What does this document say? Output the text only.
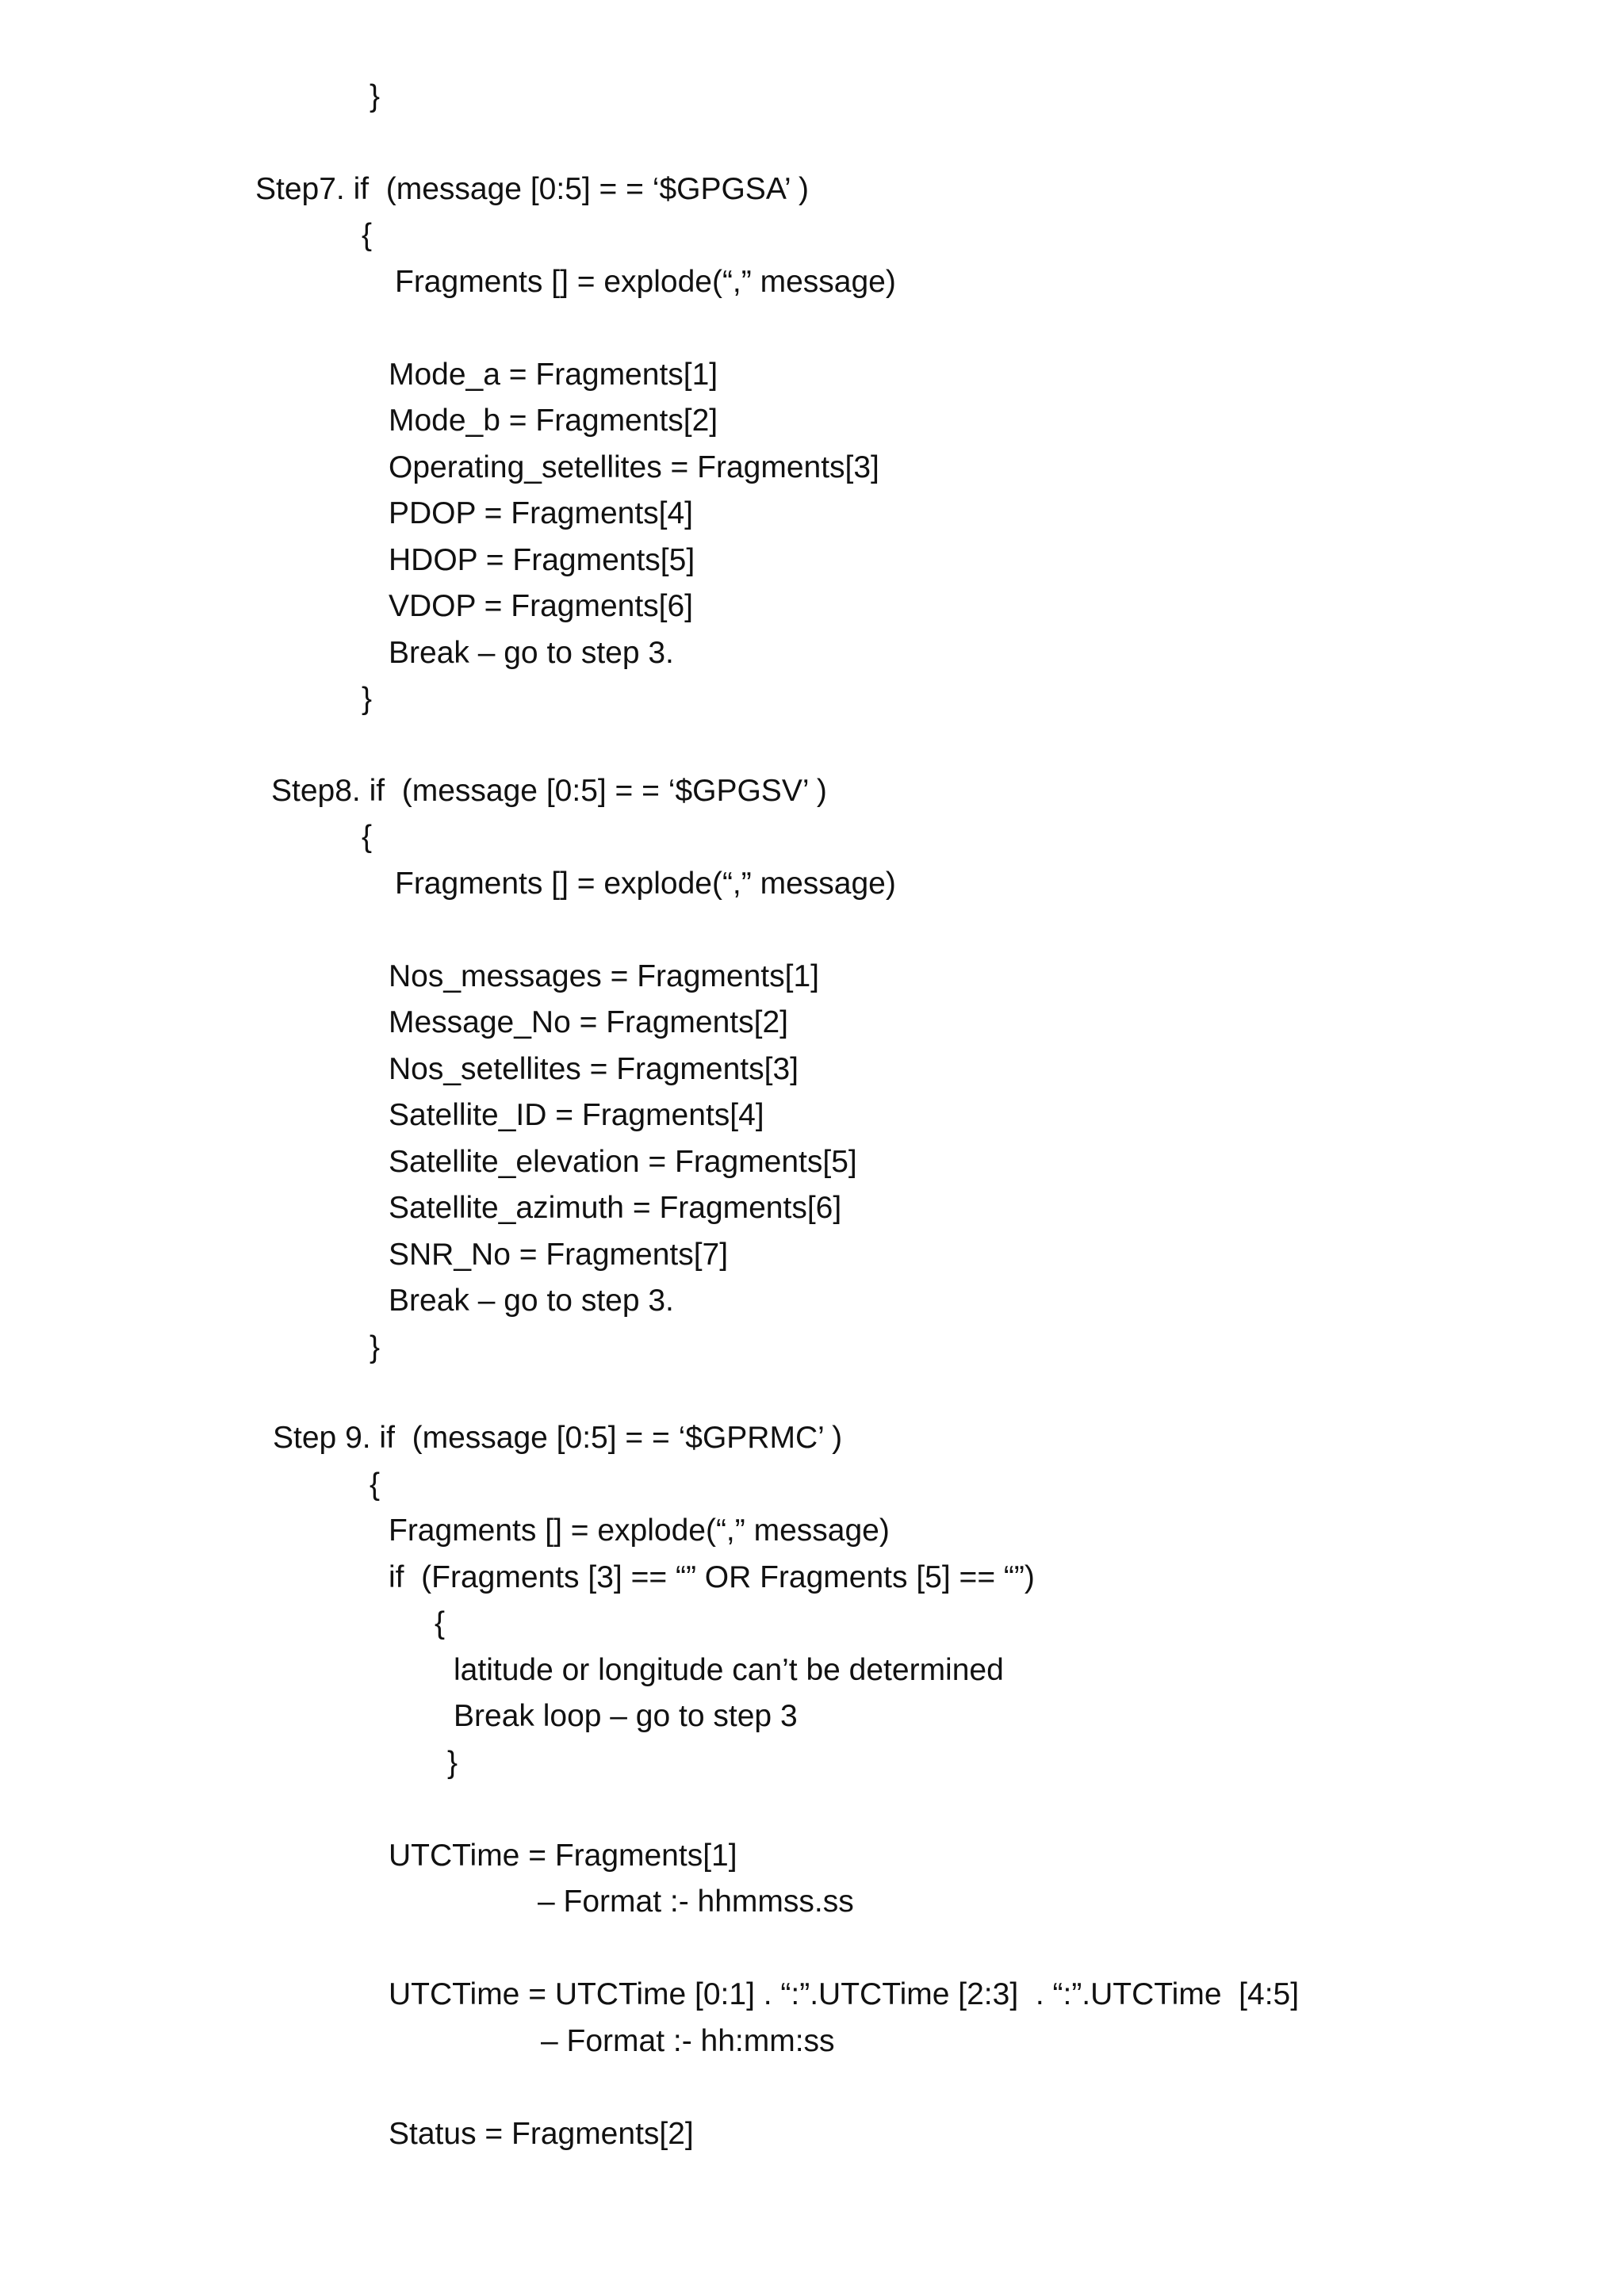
}
Step7. if  (message [0:5] = = ‘$GPGSA’ )
{
Fragments [] = explode(“,” message)
Mode_a = Fragments[1]
Mode_b = Fragments[2]
Operating_setellites = Fragments[3]
PDOP = Fragments[4]
HDOP = Fragments[5]
VDOP = Fragments[6]
Break – go to step 3.
}
Step8. if  (message [0:5] = = ‘$GPGSV’ )
{
Fragments [] = explode(“,” message)
Nos_messages = Fragments[1]
Message_No = Fragments[2]
Nos_setellites = Fragments[3]
Satellite_ID = Fragments[4]
Satellite_elevation = Fragments[5]
Satellite_azimuth = Fragments[6]
SNR_No = Fragments[7]
Break – go to step 3.
}
Step 9. if  (message [0:5] = = ‘$GPRMC’ )
{
Fragments [] = explode(“,” message)
if  (Fragments [3] == “” OR Fragments [5] == “”)
{
latitude or longitude can’t be determined
Break loop – go to step 3
}
UTCTime = Fragments[1]
– Format :- hhmmss.ss
UTCTime = UTCTime [0:1] . “:”.UTCTime [2:3]  . “:”.UTCTime  [4:5]
– Format :- hh:mm:ss
Status = Fragments[2]
